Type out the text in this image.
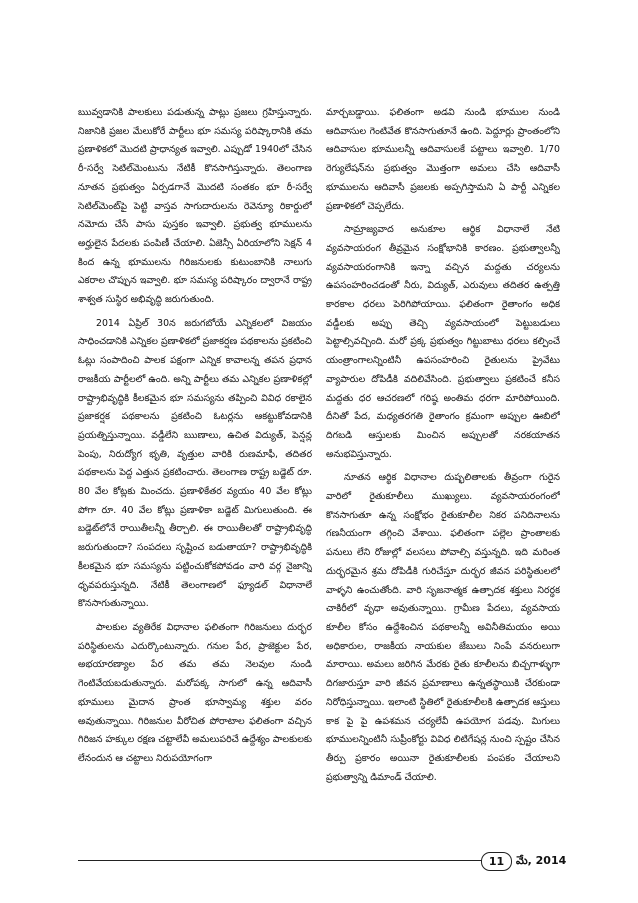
ఋవ్వడానికి పాలకులు పడుతున్న పాట్లు ప్రజలు గ్రహిస్తున్నారు. నిజానికి ప్రజల మేలుకోరే పార్టీలు భూ సమస్య పరిష్కారానికి తమ ప్రణాళికలో మొదటి ప్రాధాన్యత ఇవ్వాలి. ఎప్పుడో 1940లో చేసిన రీ-సర్వే సెటిల్‌మెంటును నేటికీ కొనసాగిస్తున్నారు. తెలంగాణ నూతన ప్రభుత్వం ఏర్పడగానే మొదటి సంతకం భూ రీ-సర్వే సెటిల్‌మెంట్‌పై పెట్టి వాస్తవ సాగుదారులను రెవెన్యూ రికార్డులో నమోదు చేసే పాసు పుస్తకం ఇవ్వాలి. ప్రభుత్వ భూములను అర్హులైన పేదలకు పంపిణీ చేయాలి. ఏజెన్సీ ఏరియాలోని సెక్షన్ 4 కింద ఉన్న భూములను గిరిజనులకు కుటుంబానికి నాలుగు ఎకరాల చొప్పున ఇవ్వాలి. భూ సమస్య పరిష్కారం ద్వారానే రాష్ట్ర శాశ్వత సుస్థిర అభివృద్ధి జరుగుతుంది.

2014 ఏప్రిల్ 30న జరుగబోయే ఎన్నికలలో విజయం సాధించడానికి ఎన్నికల ప్రణాళికలో ప్రజాకర్షణ పథకాలను ప్రకటించి ఓట్లు సంపాదించి పాలక పక్షంగా ఎన్నిక కావాలన్న తపన ప్రధాన రాజకీయ పార్టీలలో ఉంది. అన్ని పార్టీలు తమ ఎన్నికల ప్రణాళికల్లో రాష్ట్రాభివృద్ధికి కీలకమైన భూ సమస్యను తప్పించి వివిధ రకాలైన ప్రజాకర్షక పథకాలను ప్రకటించి ఓటర్లను ఆకట్టుకోవడానికి ప్రయత్నిస్తున్నాయి. వడ్డీలేని ఋణాలు, ఉచిత విద్యుత్, పెన్షన్ల పెంపు, నిరుద్యోగ భృతి, వృత్తుల వారికి రుణమాఫీ, తదితర పథకాలను పెద్ద ఎత్తున ప్రకటించారు. తెలంగాణ రాష్ట్ర బడ్జెట్ రూ. 80 వేల కోట్లకు మించదు. ప్రణాళికేతర వ్యయం 40 వేల కోట్లు పోగా రూ. 40 వేల కోట్లు ప్రణాళికా బడ్జెట్ మిగులుతుంది. ఈ బడ్జెట్‌లోనే రాయితీలన్నీ తీర్చాలి. ఈ రాయితీలతో రాష్ట్రాభివృద్ధి జరుగుతుందా? సంపదలు సృష్టించ బడుతాయా? రాష్ట్రాభివృద్ధికి కీలకమైన భూ సమస్యను పట్టించుకోకపోవడం వారి వర్గ నైజాన్ని ధృవపరుస్తున్నది. నేటికీ తెలంగాణలో ఫ్యూడల్ విధానాలే కొనసాగుతున్నాయి.

పాలకుల వ్యతిరేక విధానాల ఫలితంగా గిరిజనులు దుర్భర పరిస్థితులను ఎదుర్కొంటున్నారు. గనుల పేర, ప్రాజెక్టుల పేర, అభయారణ్యాల పేర తమ తమ నెలవుల నుండి గెంటివేయబడుతున్నారు. మరోపక్క సాగులో ఉన్న ఆదివాసీ భూములు మైదాన ప్రాంత భూస్వామ్య శక్తుల వరం అవుతున్నాయి. గిరిజనుల వీరోచిత పోరాటాల ఫలితంగా వచ్చిన గిరిజన హక్కుల రక్షణ చట్టాలేవీ అమలుపరిచే ఉద్దేశ్యం పాలకులకు లేనందున ఆ చట్టాలు నిరుపయోగంగా

మార్చబడ్డాయి. ఫలితంగా అడవి నుండి భూముల నుండి ఆదివాసుల గెంటివేత కొనసాగుతూనే ఉంది. పెద్దూర్లు ప్రాంతంలోని ఆదివాసుల భూములన్నీ ఆదివాసులకే పట్టాలు ఇవ్వాలి. 1/70 రెగ్యులేషన్‌ను ప్రభుత్వం మొత్తంగా అమలు చేసి ఆదివాసీ భూములను ఆదివాసీ ప్రజలకు అప్పగిస్తామని ఏ పార్టీ ఎన్నికల ప్రణాళికలో చెప్పలేదు.

సామ్రాజ్యవాద అనుకూల ఆర్థిక విధానాలే నేటి వ్యవసాయరంగ తీవ్రమైన సంక్షోభానికి కారణం. ప్రభుత్వాలన్నీ వ్యవసాయరంగానికి ఇన్నా వచ్చిన మద్దతు చర్యలను ఉపసంహరించడంతో నీరు, విద్యుత్, ఎరువులు తదితర ఉత్పత్తి కారకాల ధరలు పెరిగిపోయాయి. ఫలితంగా రైతాంగం అధిక వడ్డీలకు అప్పు తెచ్చి వ్యవసాయంలో పెట్టుబడులు పెట్టాల్సివచ్చింది. మరో ప్రక్క ప్రభుత్వం గిట్టుబాటు ధరలు కల్పించే యంత్రాంగాలన్నింటినీ ఉపసంహరించి రైతులను ప్రైవేటు వ్యాపారుల దోపిడీకి వదిలివేసింది. ప్రభుత్వాలు ప్రకటించే కనీస మద్దతు ధర ఆచరణలో గరిష్ఠ అంతిమ ధరగా మారిపోయింది. దీనితో పేద, మధ్యతరగతి రైతాంగం క్రమంగా అప్పుల ఊబిలో దిగబడి ఆస్తులకు మించిన అప్పులతో నరకయాతన అనుభవిస్తున్నారు.

నూతన ఆర్థిక విధానాల దుష్ఫలితాలకు తీవ్రంగా గురైన వారిలో రైతుకూలీలు ముఖ్యులు. వ్యవసాయరంగంలో కొనసాగుతూ ఉన్న సంక్షోభం రైతుకూలీల నికర పనిదినాలను గణనీయంగా తగ్గించి వేశాయి. ఫలితంగా పల్లెల ప్రాంతాలకు పనులు లేని రోజుల్లో వలసలు పోవాల్సి వస్తున్నది. ఇది మరింత దుర్భరమైన శ్రమ దోపిడీకి గురిచేస్తూ దుర్భర జీవన పరిస్థితులలో వాళ్ళని ఉంచుతోంది. వారి సృజనాత్మక ఉత్పాదక శక్తులు నిరర్ధక చాకిరీలో వృధా అవుతున్నాయి. గ్రామీణ పేదలు, వ్యవసాయ కూలీల కోసం ఉద్దేశించిన పథకాలన్నీ అవినీతిమయం అయి అధికారుల, రాజకీయ నాయకుల జేబులు నింపే వనరులుగా మారాయి. అమలు జరిగిన మేరకు రైతు కూలీలను బిచ్చగాళ్ళుగా దిగజారుస్తూ వారి జీవన ప్రమాణాలు ఉన్నతస్థాయికి చేరకుండా నిరోధిస్తున్నాయి. ఇలాంటి స్థితిలో రైతుకూలీలకి ఉత్పాదక ఆస్తులు కాక పై పై ఉపశమన చర్యలేవీ ఉపయోగ పడవు. మిగులు భూములన్నింటినీ సుప్రీంకోర్టు వివిధ లిటిగేషన్ల నుంచి స్పష్టం చేసిన తీర్పు ప్రకారం అయినా రైతుకూలీలకు పంపకం చేయాలని ప్రభుత్వాన్ని డిమాండ్ చేయాలి.

11	మే, 2014
